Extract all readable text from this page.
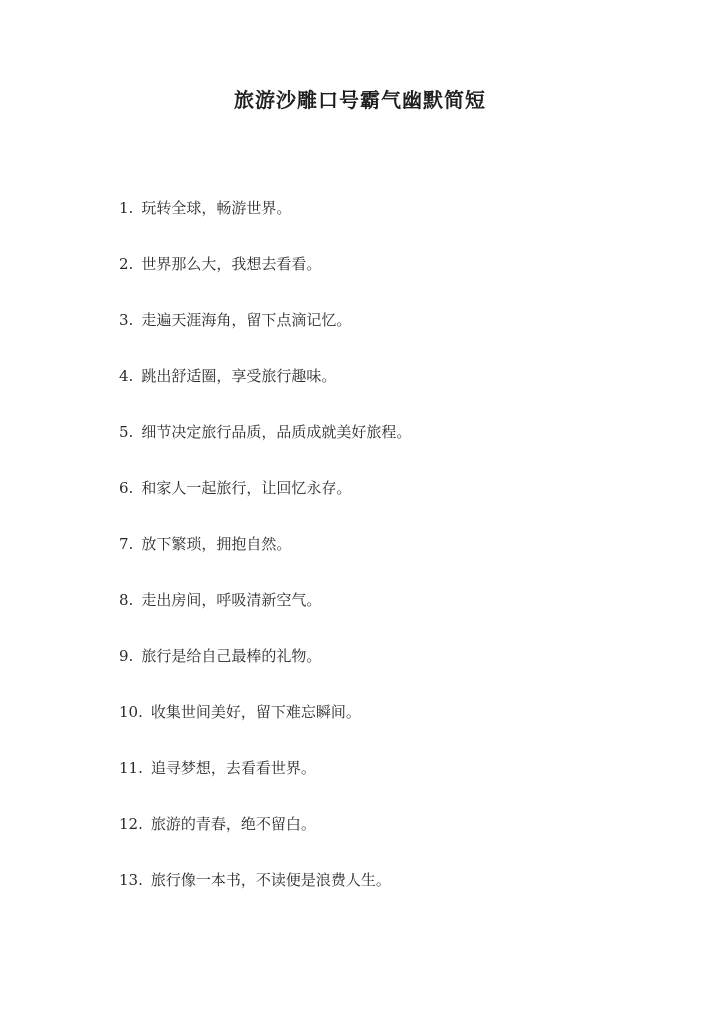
旅游沙雕口号霸气幽默简短
1. 玩转全球，畅游世界。
2. 世界那么大，我想去看看。
3. 走遍天涯海角，留下点滴记忆。
4. 跳出舒适圈，享受旅行趣味。
5. 细节决定旅行品质，品质成就美好旅程。
6. 和家人一起旅行，让回忆永存。
7. 放下繁琐，拥抱自然。
8. 走出房间，呼吸清新空气。
9. 旅行是给自己最棒的礼物。
10. 收集世间美好，留下难忘瞬间。
11. 追寻梦想，去看看世界。
12. 旅游的青春，绝不留白。
13. 旅行像一本书，不读便是浪费人生。
